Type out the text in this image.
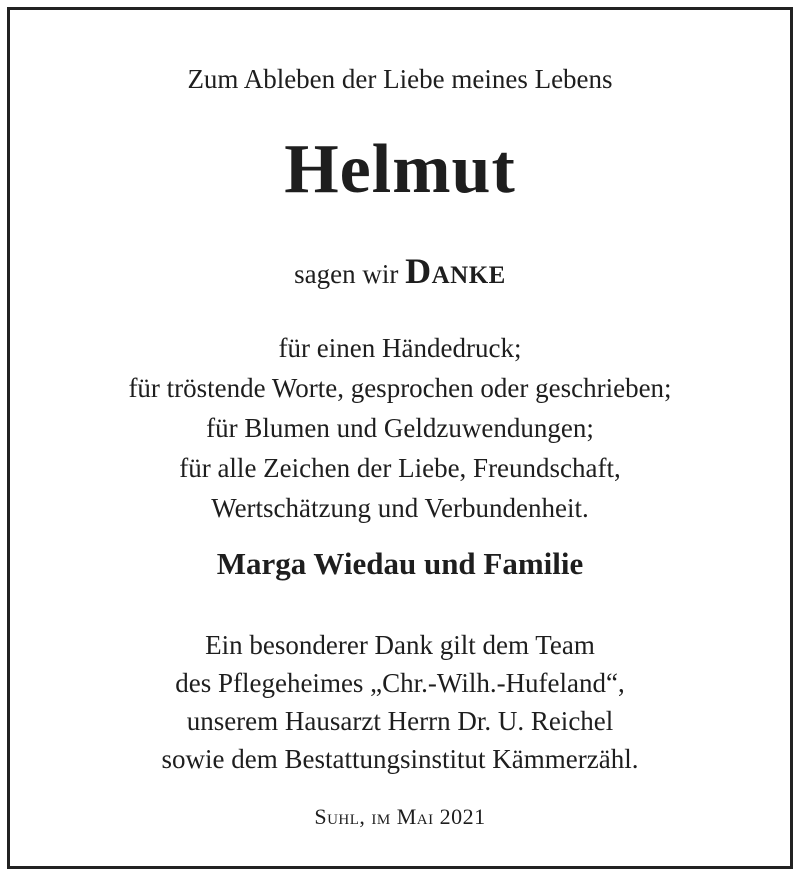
Zum Ableben der Liebe meines Lebens
Helmut
sagen wir Danke
für einen Händedruck;
für tröstende Worte, gesprochen oder geschrieben;
für Blumen und Geldzuwendungen;
für alle Zeichen der Liebe, Freundschaft,
Wertschätzung und Verbundenheit.
Marga Wiedau und Familie
Ein besonderer Dank gilt dem Team
des Pflegeheimes „Chr.-Wilh.-Hufeland“,
unserem Hausarzt Herrn Dr. U. Reichel
sowie dem Bestattungsinstitut Kämmerzähl.
Suhl, im Mai 2021
